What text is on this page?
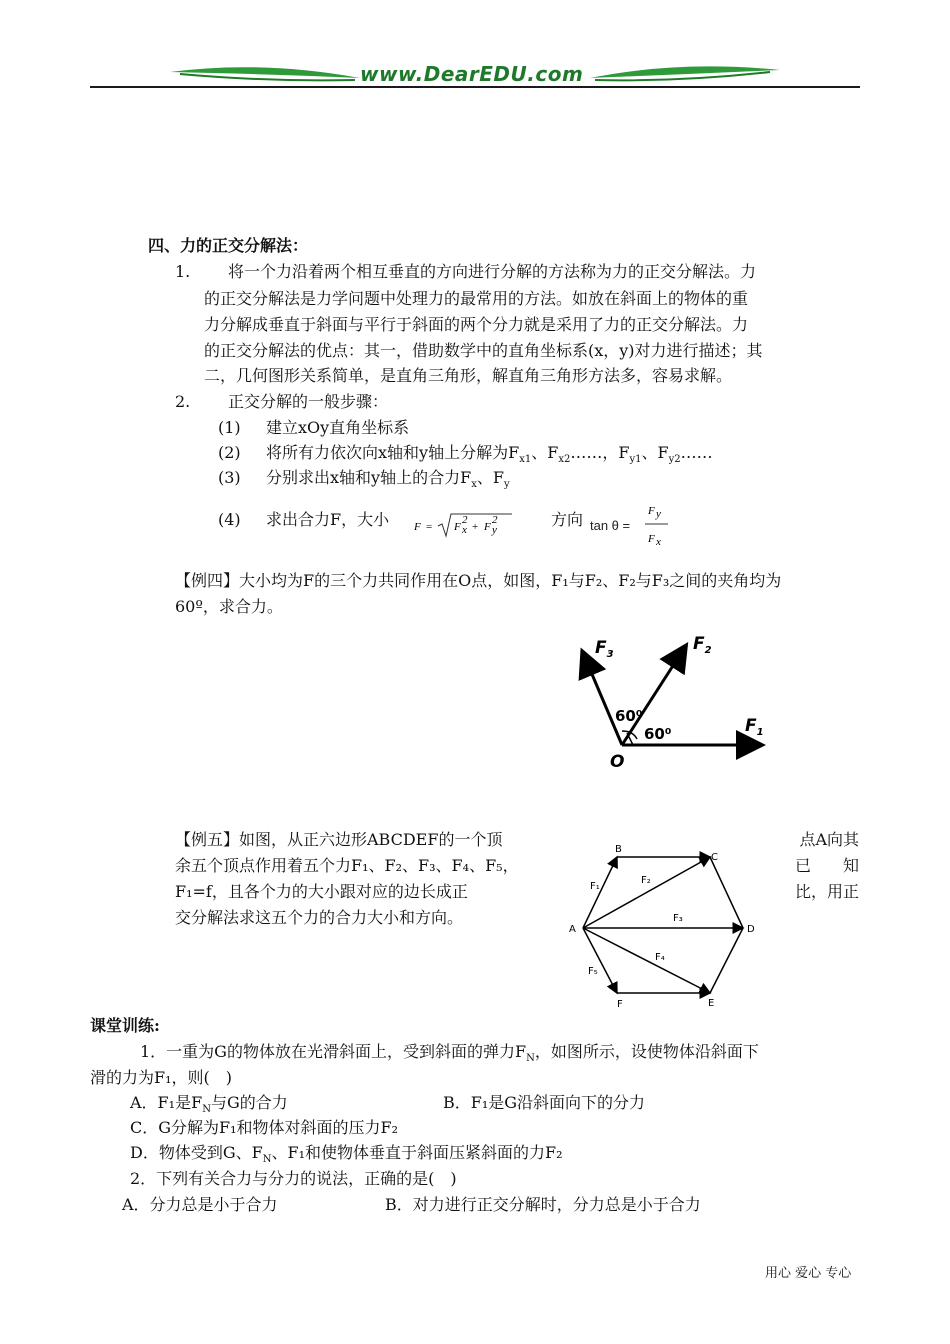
www.DearEDU.com
四、力的正交分解法：
1. 将一个力沿着两个相互垂直的方向进行分解的方法称为力的正交分解法。力
的正交分解法是力学问题中处理力的最常用的方法。如放在斜面上的物体的重
力分解成垂直于斜面与平行于斜面的两个分力就是采用了力的正交分解法。力
的正交分解法的优点：其一，借助数学中的直角坐标系(x，y)对力进行描述；其
二，几何图形关系简单，是直角三角形，解直角三角形方法多，容易求解。
2. 正交分解的一般步骤：
(1) 建立xOy直角坐标系
(2) 将所有力依次向x轴和y轴上分解为$F_{x1}$、$F_{x2}\dots\dots$，$F_{y1}$、$F_{y2}\dots\dots$
(3) 分别求出x轴和y轴上的合力$F_x$、$F_y$
(4) 求出合力F，大小 F = F x
2
+ F y
2	方向 tan θ =
F y
F x
【例四】大小均为F的三个力共同作用在O点，如图，F₁与F₂、F₂与F₃之间的夹角均为
60º，求合力。
$F_3$
$F_2$
$F_1$
60⁰
60⁰
O
【例五】如图，从正六边形ABCDEF的一个顶
余五个顶点作用着五个力F₁、F₂、F₃、F₄、F₅，
F₁=f，且各个力的大小跟对应的边长成正
交分解法求这五个力的合力大小和方向。
点A向其
已　　知
比，用正
A
B
C
D
E
F
F₁
F₂
F₃
F₄
F₅
课堂训练:
1．一重为G的物体放在光滑斜面上，受到斜面的弹力$F_N$，如图所示，设使物体沿斜面下
滑的力为F₁，则(　)
A．F₁是$F_N$与G的合力	B．F₁是G沿斜面向下的分力
C．G分解为F₁和物体对斜面的压力F₂
D．物体受到G、$F_N$、F₁和使物体垂直于斜面压紧斜面的力F₂
2．下列有关合力与分力的说法，正确的是(　)
A．分力总是小于合力	B．对力进行正交分解时，分力总是小于合力
用心 爱心 专心
